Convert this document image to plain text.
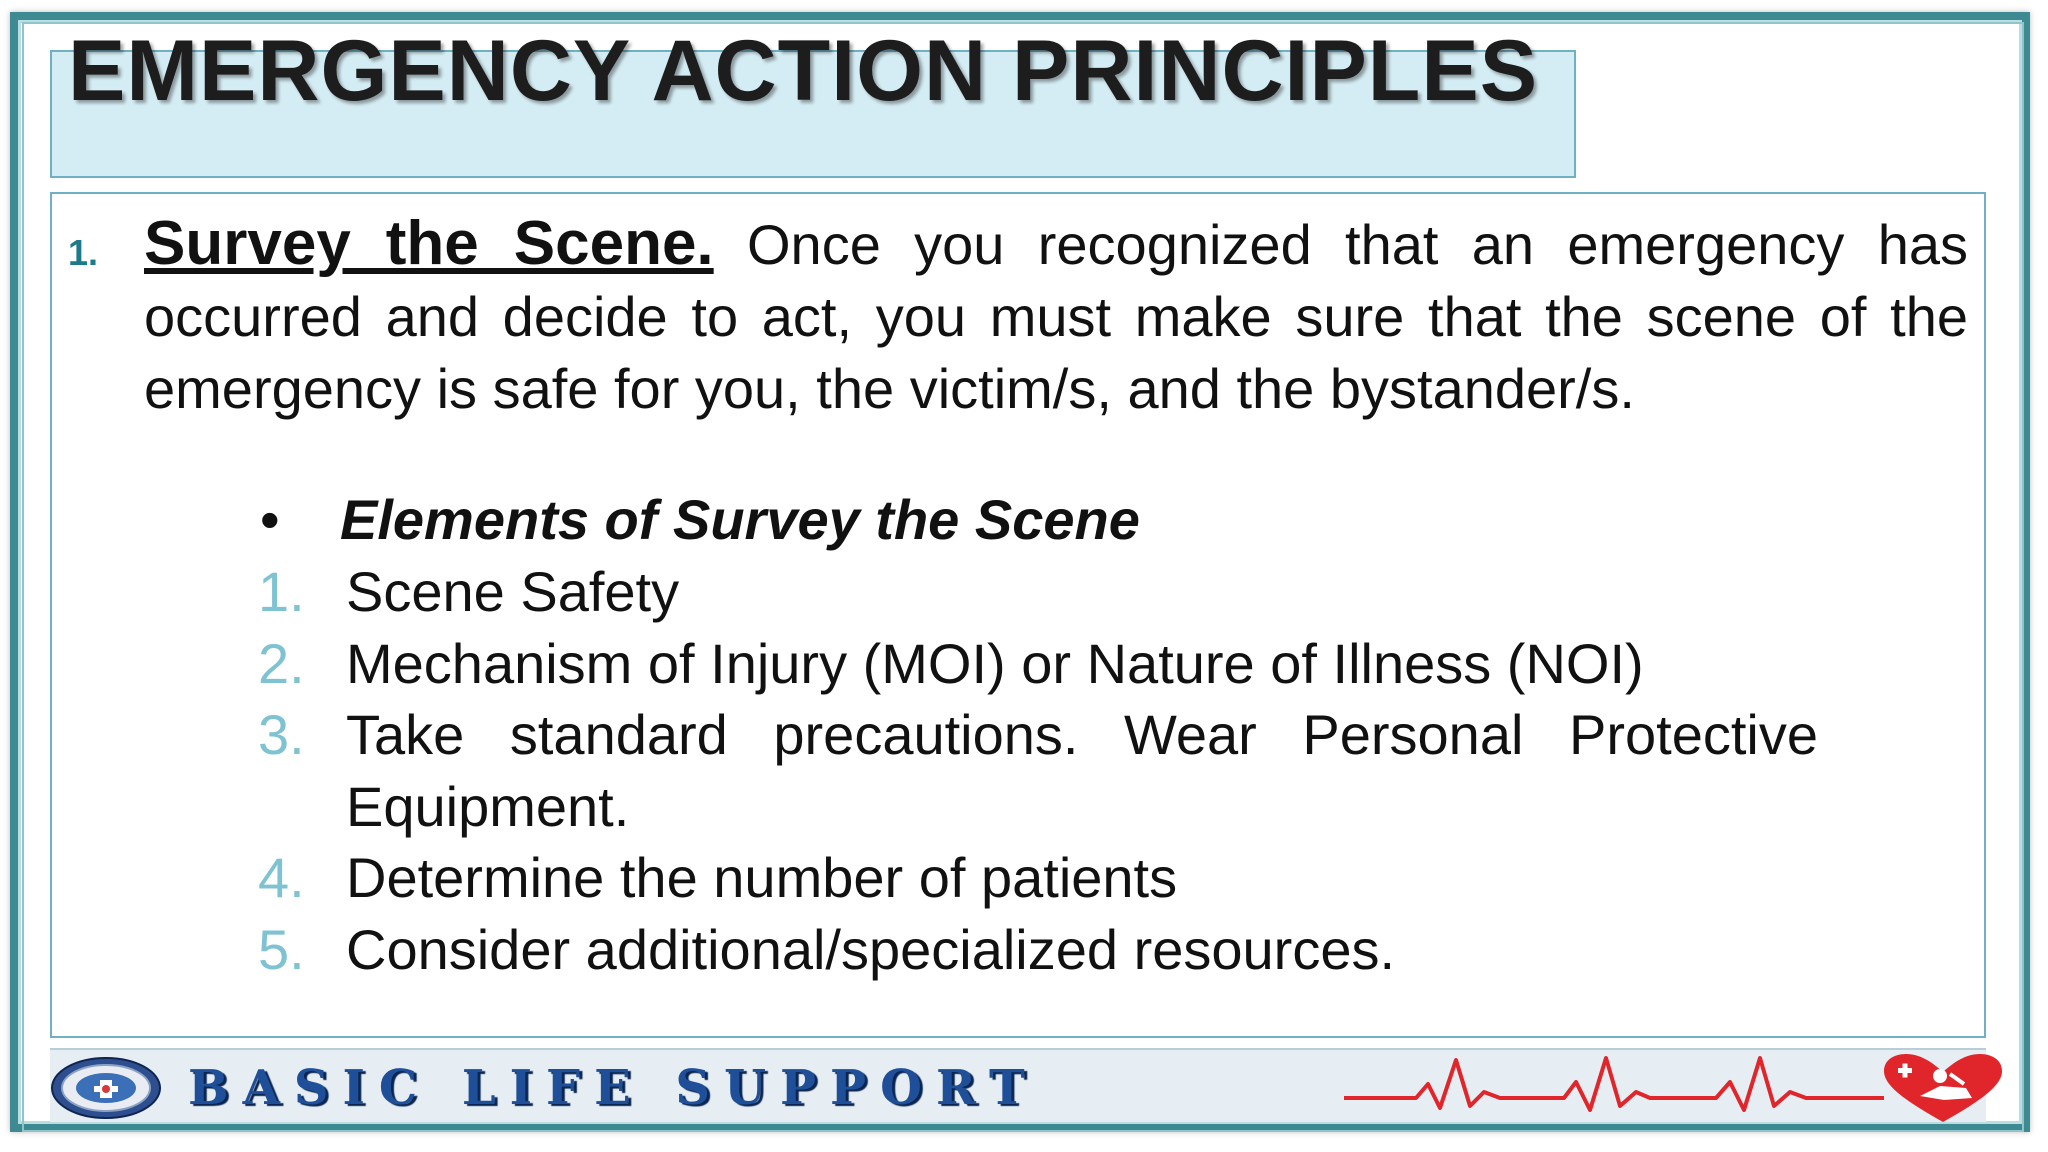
EMERGENCY ACTION PRINCIPLES
1. Survey the Scene. Once you recognized that an emergency has occurred and decide to act, you must make sure that the scene of the emergency is safe for you, the victim/s, and the bystander/s.

• Elements of Survey the Scene
1. Scene Safety
2. Mechanism of Injury (MOI) or Nature of Illness (NOI)
3. Take standard precautions. Wear Personal Protective Equipment.
4. Determine the number of patients
5. Consider additional/specialized resources.
BASIC LIFE SUPPORT
